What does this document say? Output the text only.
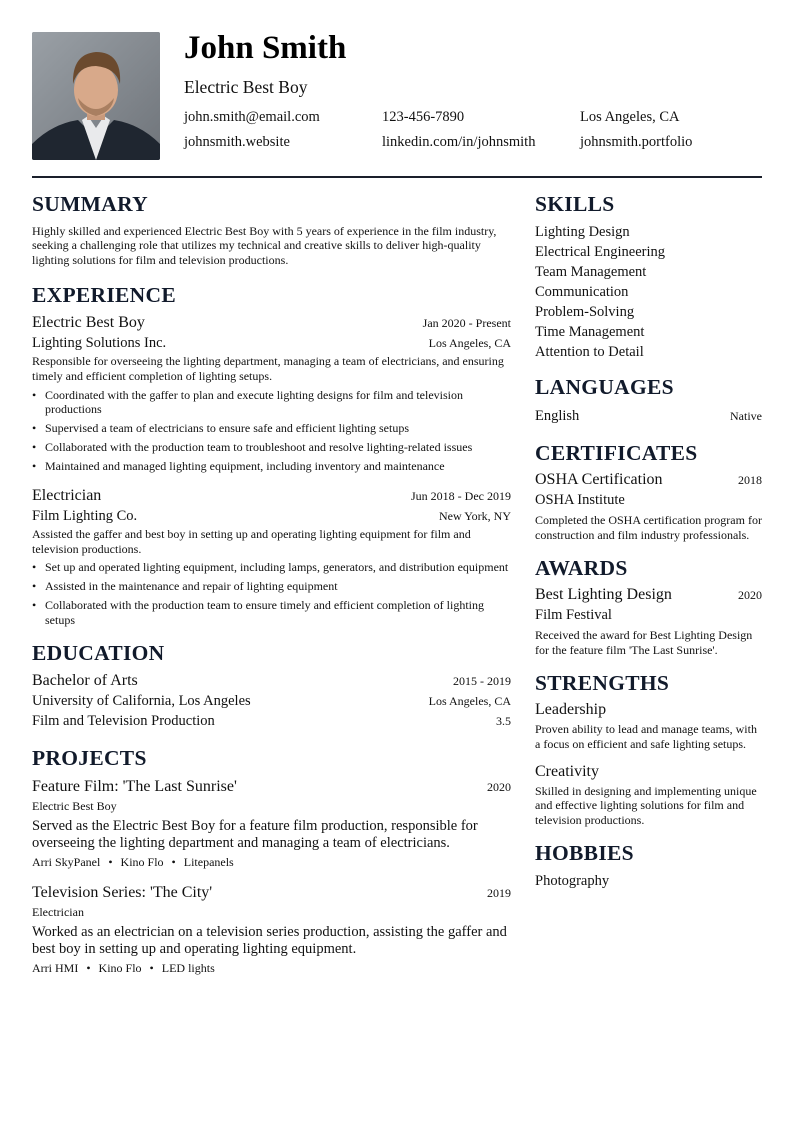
John Smith
Electric Best Boy
john.smith@email.com	123-456-7890	Los Angeles, CA
johnsmith.website	linkedin.com/in/johnsmith	johnsmith.portfolio
SUMMARY
Highly skilled and experienced Electric Best Boy with 5 years of experience in the film industry, seeking a challenging role that utilizes my technical and creative skills to deliver high-quality lighting solutions for film and television productions.
EXPERIENCE
Electric Best Boy	Jan 2020 - Present
Lighting Solutions Inc.	Los Angeles, CA
Responsible for overseeing the lighting department, managing a team of electricians, and ensuring timely and efficient completion of lighting setups.
• Coordinated with the gaffer to plan and execute lighting designs for film and television productions
• Supervised a team of electricians to ensure safe and efficient lighting setups
• Collaborated with the production team to troubleshoot and resolve lighting-related issues
• Maintained and managed lighting equipment, including inventory and maintenance
Electrician	Jun 2018 - Dec 2019
Film Lighting Co.	New York, NY
Assisted the gaffer and best boy in setting up and operating lighting equipment for film and television productions.
• Set up and operated lighting equipment, including lamps, generators, and distribution equipment
• Assisted in the maintenance and repair of lighting equipment
• Collaborated with the production team to ensure timely and efficient completion of lighting setups
EDUCATION
Bachelor of Arts	2015 - 2019
University of California, Los Angeles	Los Angeles, CA
Film and Television Production	3.5
PROJECTS
Feature Film: 'The Last Sunrise'	2020
Electric Best Boy
Served as the Electric Best Boy for a feature film production, responsible for overseeing the lighting department and managing a team of electricians.
Arri SkyPanel • Kino Flo • Litepanels
Television Series: 'The City'	2019
Electrician
Worked as an electrician on a television series production, assisting the gaffer and best boy in setting up and operating lighting equipment.
Arri HMI • Kino Flo • LED lights
SKILLS
Lighting Design
Electrical Engineering
Team Management
Communication
Problem-Solving
Time Management
Attention to Detail
LANGUAGES
English	Native
CERTIFICATES
OSHA Certification	2018
OSHA Institute
Completed the OSHA certification program for construction and film industry professionals.
AWARDS
Best Lighting Design	2020
Film Festival
Received the award for Best Lighting Design for the feature film 'The Last Sunrise'.
STRENGTHS
Leadership
Proven ability to lead and manage teams, with a focus on efficient and safe lighting setups.
Creativity
Skilled in designing and implementing unique and effective lighting solutions for film and television productions.
HOBBIES
Photography
